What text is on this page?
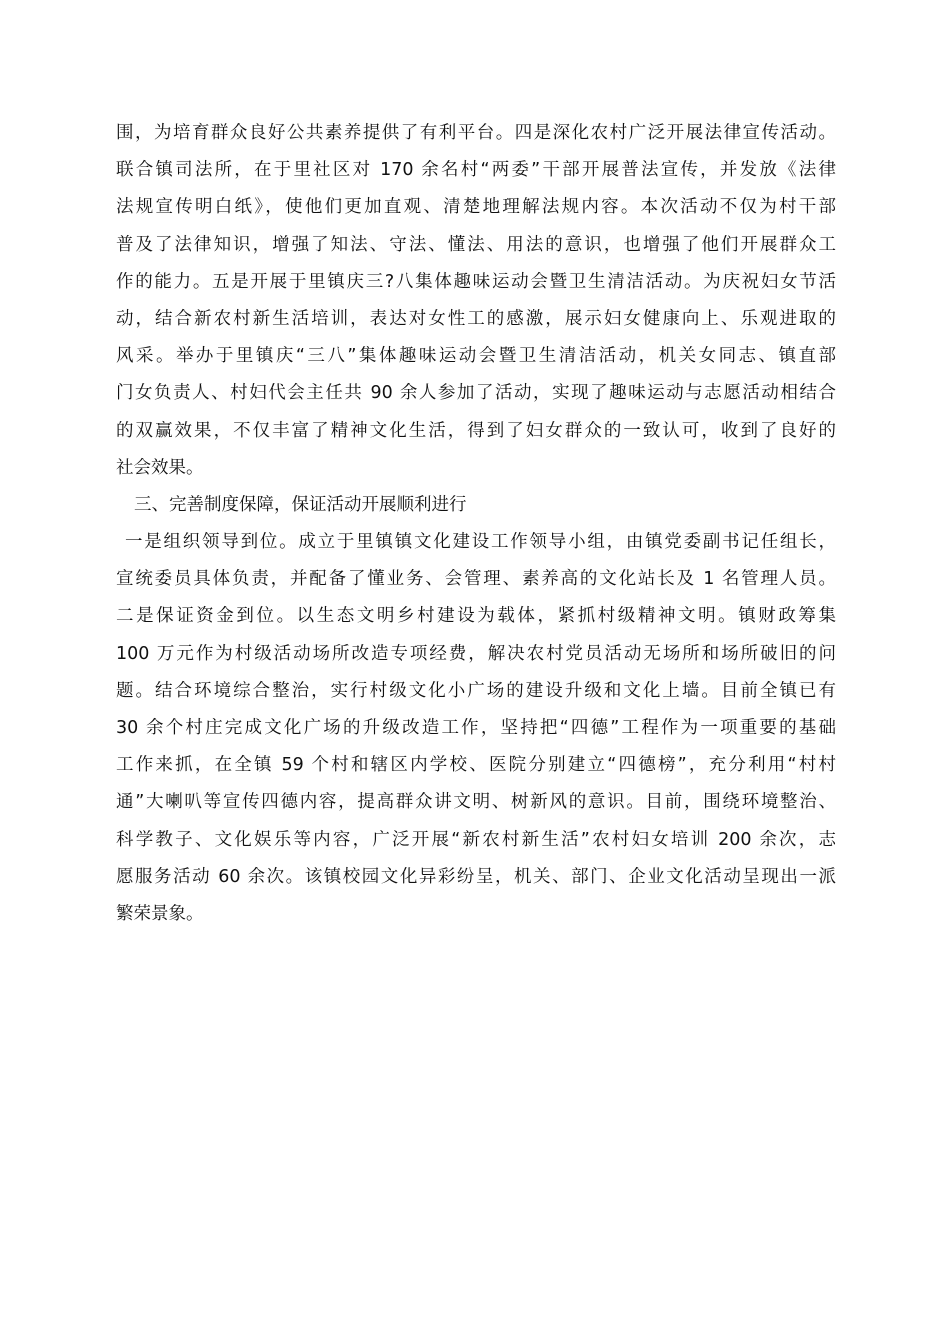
围，为培育群众良好公共素养提供了有利平台。四是深化农村广泛开展法律宣传活动。
联合镇司法所，在于里社区对 170 余名村“两委”干部开展普法宣传，并发放《法律
法规宣传明白纸》，使他们更加直观、清楚地理解法规内容。本次活动不仅为村干部
普及了法律知识，增强了知法、守法、懂法、用法的意识，也增强了他们开展群众工
作的能力。五是开展于里镇庆三?八集体趣味运动会暨卫生清洁活动。为庆祝妇女节活
动，结合新农村新生活培训，表达对女性工的感激，展示妇女健康向上、乐观进取的
风采。举办于里镇庆“三八”集体趣味运动会暨卫生清洁活动，机关女同志、镇直部
门女负责人、村妇代会主任共 90 余人参加了活动，实现了趣味运动与志愿活动相结合
的双赢效果，不仅丰富了精神文化生活，得到了妇女群众的一致认可，收到了良好的
社会效果。
三、完善制度保障，保证活动开展顺利进行
一是组织领导到位。成立于里镇镇文化建设工作领导小组，由镇党委副书记任组长，
宣统委员具体负责，并配备了懂业务、会管理、素养高的文化站长及 1 名管理人员。
二是保证资金到位。以生态文明乡村建设为载体，紧抓村级精神文明。镇财政筹集
100 万元作为村级活动场所改造专项经费，解决农村党员活动无场所和场所破旧的问
题。结合环境综合整治，实行村级文化小广场的建设升级和文化上墙。目前全镇已有
30 余个村庄完成文化广场的升级改造工作，坚持把“四德”工程作为一项重要的基础
工作来抓，在全镇 59 个村和辖区内学校、医院分别建立“四德榜”，充分利用“村村
通”大喇叭等宣传四德内容，提高群众讲文明、树新风的意识。目前，围绕环境整治、
科学教子、文化娱乐等内容，广泛开展“新农村新生活”农村妇女培训 200 余次，志
愿服务活动 60 余次。该镇校园文化异彩纷呈，机关、部门、企业文化活动呈现出一派
繁荣景象。
